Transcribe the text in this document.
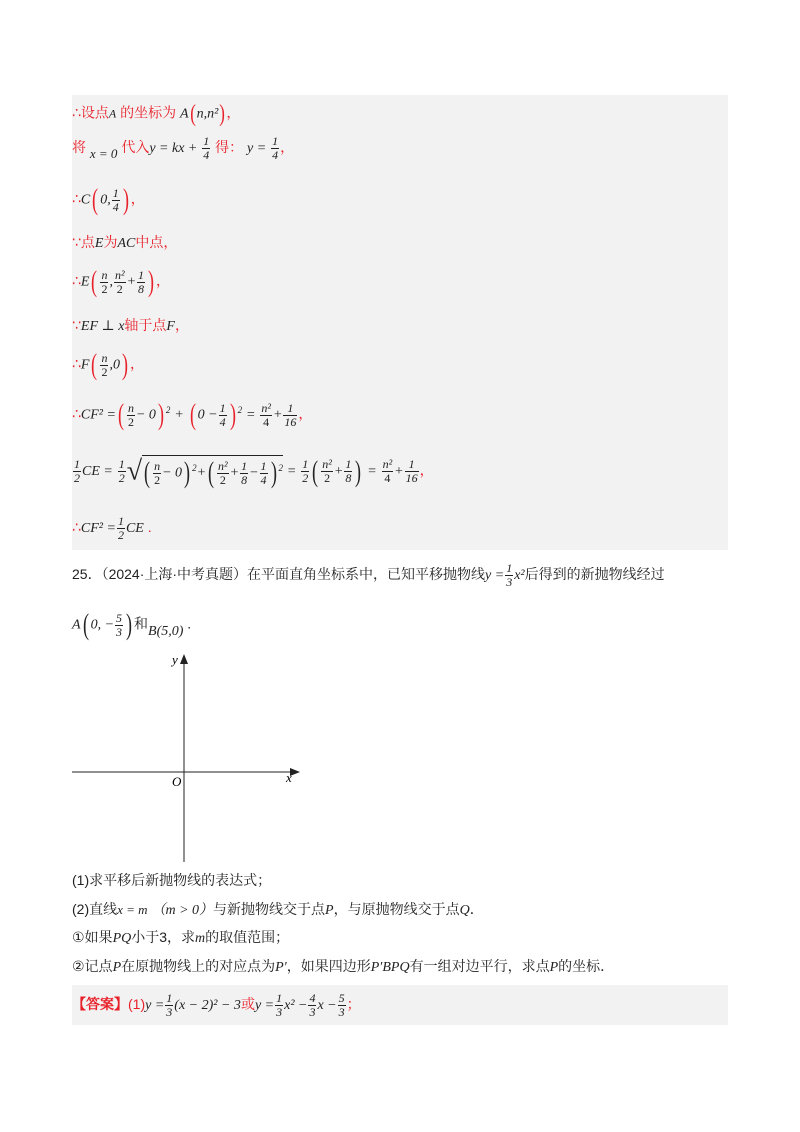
∴设点A 的坐标为 A(n,n²)，
将 x = 0 代入y = kx + $\frac{1}{4}$ 得： $y = \frac{1}{4}$ ，
∴C( 0, $\frac{1}{4}$ ) ，
∵点E为AC中点，
∴E( $\frac{n}{2}$ , $\frac{\text{n²}}{2} + \frac{1}{8}$ ) ，
∵EF ⊥ x轴于点F，
∴F( $\frac{n}{2} ,0$) ，
∴CF² =( $\frac{n}{2} - 0$) $^2$ + ( $0 - \frac{1}{4}$ ) $^2 = \frac{\text{n²}}{4} + \frac{1}{16}$ ，
$\frac{1}{2}$ CE = $\frac{1}{2}$ √( $\frac{n}{2} - 0$) $^2+( \frac{\text{n²}}{2} + \frac{1}{8} - \frac{1}{4}$ ) $^2 = \frac{1}{2}$ ( $\frac{\text{n²}}{2} + \frac{1}{8}$ ) = $\frac{\text{n²}}{4} + \frac{1}{16}$ ，
∴CF² = $\frac{1}{2}$ CE .
25．（2024·上海·中考真题）在平面直角坐标系中，已知平移抛物线$y = \frac{1}{3} x^2$后得到的新抛物线经过
A( 0, − $\frac{5}{3}$ ) 和B(5,0) .
x
y
O
(1)求平移后新抛物线的表达式；
(2)直线x = m （m > 0）与新抛物线交于点P，与原抛物线交于点Q．
①如果PQ小于3，求m的取值范围；
②记点P在原抛物线上的对应点为P′，如果四边形P′BPQ有一组对边平行，求点P的坐标．
【答案】$(1)y = \frac{1}{3} (x - 2)^2 - 3$或$y = \frac{1}{3} x^2 - \frac{4}{3}$ $x - \frac{5}{3}$ ；
